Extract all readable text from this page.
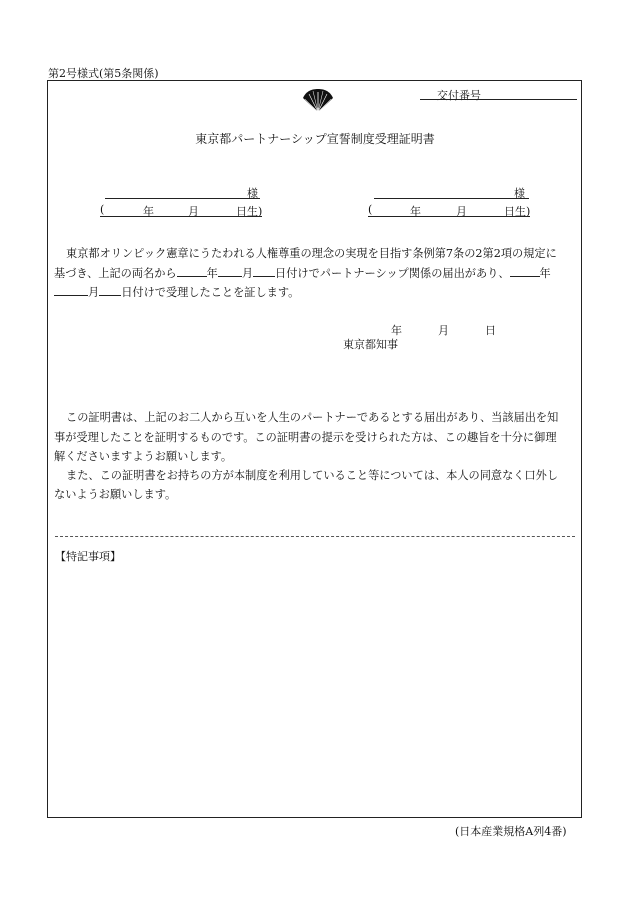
第2号様式(第5条関係)
交付番号
東京都パートナーシップ宣誓制度受理証明書
様
(	年	月	日生)
様
(	年	月	日生)
東京都オリンピック憲章にうたわれる人権尊重の理念の実現を目指す条例第7条の2第2項の規定に
基づき、上記の両名から	年 月 日付けでパートナーシップ関係の届出があり、	年
月 日付けで受理したことを証します。
年	月	日
東京都知事
この証明書は、上記のお二人から互いを人生のパートナーであるとする届出があり、当該届出を知
事が受理したことを証明するものです。この証明書の提示を受けられた方は、この趣旨を十分に御理
解くださいますようお願いします。
また、この証明書をお持ちの方が本制度を利用していること等については、本人の同意なく口外し
ないようお願いします。
【特記事項】
(日本産業規格A列4番)
